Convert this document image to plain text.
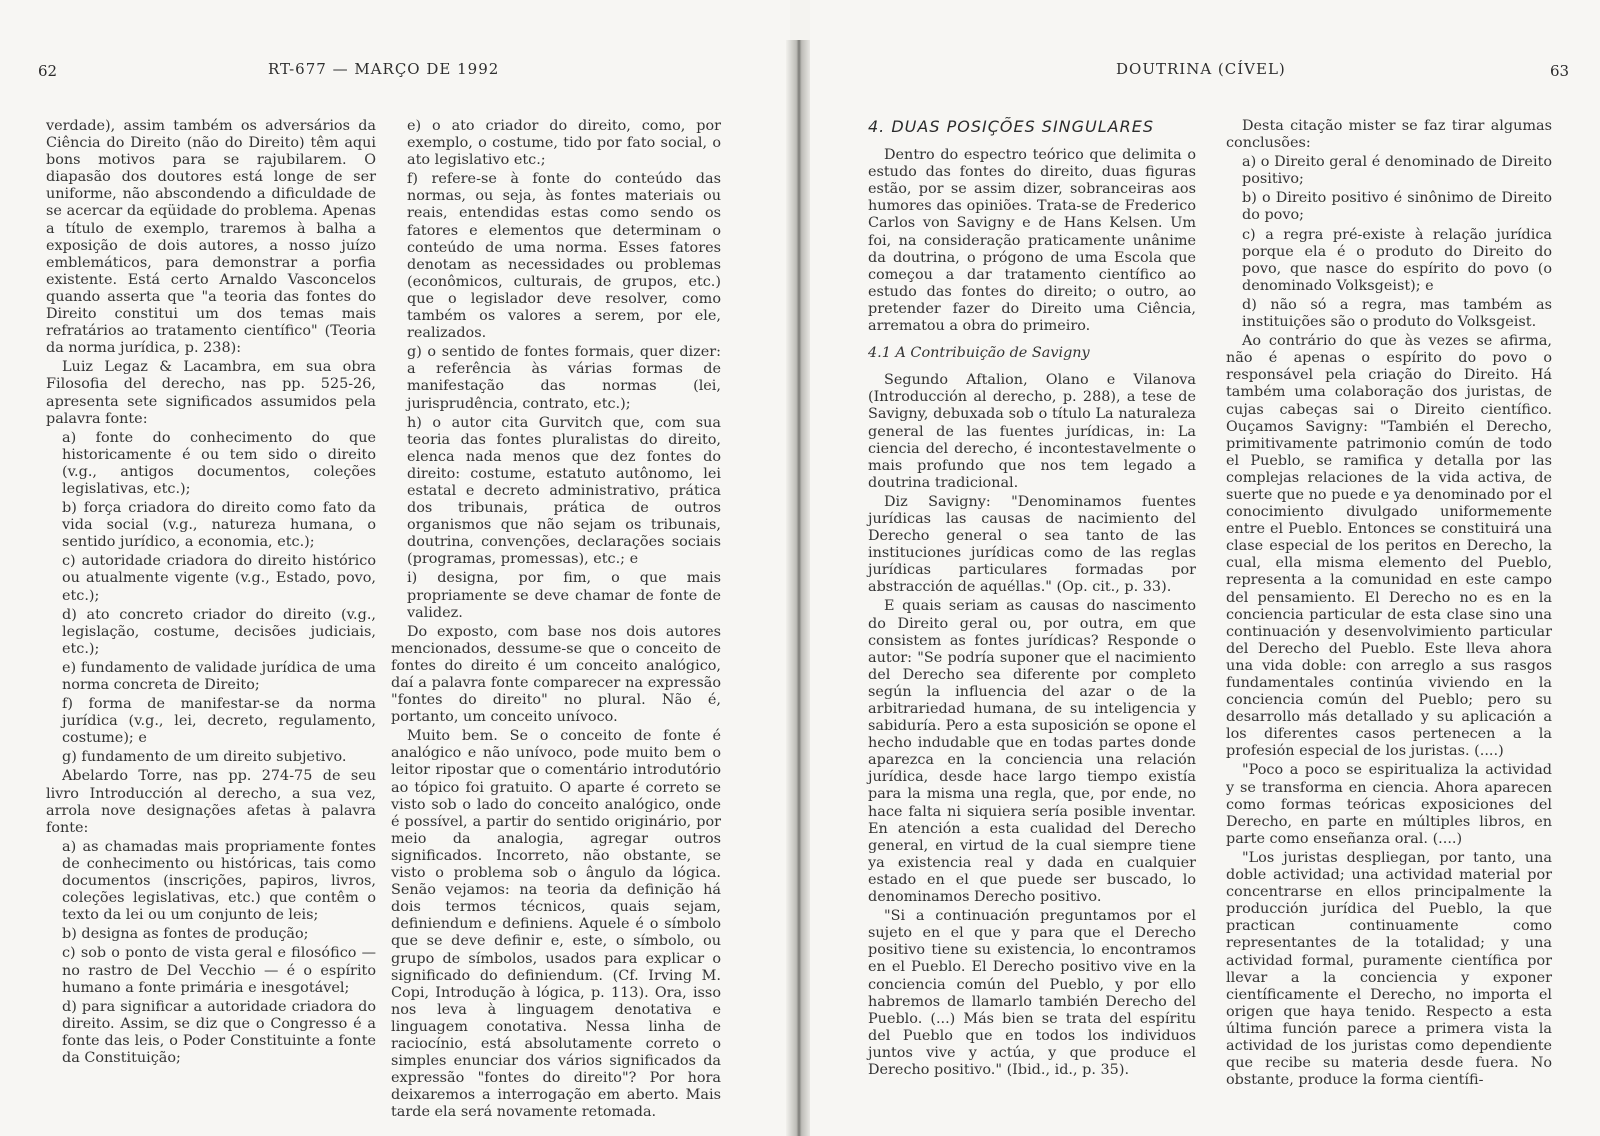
62	RT-677 — MARÇO DE 1992

verdade), assim também os adversários da Ciência do Direito (não do Direito) têm aqui bons motivos para se rajubilarem. O diapasão dos doutores está longe de ser uniforme, não abscondendo a dificuldade de se acercar da eqüidade do problema. Apenas a título de exemplo, traremos à balha a exposição de dois autores, a nosso juízo emblemáticos, para demonstrar a porfia existente. Está certo Arnaldo Vasconcelos quando asserta que "a teoria das fontes do Direito constitui um dos temas mais refratários ao tratamento científico" (Teoria da norma jurídica, p. 238):

Luiz Legaz & Lacambra, em sua obra Filosofia del derecho, nas pp. 525-26, apresenta sete significados assumidos pela palavra fonte:

a) fonte do conhecimento do que historicamente é ou tem sido o direito (v.g., antigos documentos, coleções legislativas, etc.);

b) força criadora do direito como fato da vida social (v.g., natureza humana, o sentido jurídico, a economia, etc.);

c) autoridade criadora do direito histórico ou atualmente vigente (v.g., Estado, povo, etc.);

d) ato concreto criador do direito (v.g., legislação, costume, decisões judiciais, etc.);

e) fundamento de validade jurídica de uma norma concreta de Direito;

f) forma de manifestar-se da norma jurídica (v.g., lei, decreto, regulamento, costume); e

g) fundamento de um direito subjetivo.

Abelardo Torre, nas pp. 274-75 de seu livro Introducción al derecho, a sua vez, arrola nove designações afetas à palavra fonte:

a) as chamadas mais propriamente fontes de conhecimento ou históricas, tais como documentos (inscrições, papiros, livros, coleções legislativas, etc.) que contêm o texto da lei ou um conjunto de leis;

b) designa as fontes de produção;

c) sob o ponto de vista geral e filosófico — no rastro de Del Vecchio — é o espírito humano a fonte primária e inesgotável;

d) para significar a autoridade criadora do direito. Assim, se diz que o Congresso é a fonte das leis, o Poder Constituinte a fonte da Constituição;

e) o ato criador do direito, como, por exemplo, o costume, tido por fato social, o ato legislativo etc.;

f) refere-se à fonte do conteúdo das normas, ou seja, às fontes materiais ou reais, entendidas estas como sendo os fatores e elementos que determinam o conteúdo de uma norma. Esses fatores denotam as necessidades ou problemas (econômicos, culturais, de grupos, etc.) que o legislador deve resolver, como também os valores a serem, por ele, realizados.

g) o sentido de fontes formais, quer dizer: a referência às várias formas de manifestação das normas (lei, jurisprudência, contrato, etc.);

h) o autor cita Gurvitch que, com sua teoria das fontes pluralistas do direito, elenca nada menos que dez fontes do direito: costume, estatuto autônomo, lei estatal e decreto administrativo, prática dos tribunais, prática de outros organismos que não sejam os tribunais, doutrina, convenções, declarações sociais (programas, promessas), etc.; e

i) designa, por fim, o que mais propriamente se deve chamar de fonte de validez.

Do exposto, com base nos dois autores mencionados, dessume-se que o conceito de fontes do direito é um conceito analógico, daí a palavra fonte comparecer na expressão "fontes do direito" no plural. Não é, portanto, um conceito unívoco.

Muito bem. Se o conceito de fonte é analógico e não unívoco, pode muito bem o leitor ripostar que o comentário introdutório ao tópico foi gratuito. O aparte é correto se visto sob o lado do conceito analógico, onde é possível, a partir do sentido originário, por meio da analogia, agregar outros significados. Incorreto, não obstante, se visto o problema sob o ângulo da lógica. Senão vejamos: na teoria da definição há dois termos técnicos, quais sejam, definiendum e definiens. Aquele é o símbolo que se deve definir e, este, o símbolo, ou grupo de símbolos, usados para explicar o significado do definiendum. (Cf. Irving M. Copi, Introdução à lógica, p. 113). Ora, isso nos leva à linguagem denotativa e linguagem conotativa. Nessa linha de raciocínio, está absolutamente correto o simples enunciar dos vários significados da expressão "fontes do direito"? Por hora deixaremos a interrogação em aberto. Mais tarde ela será novamente retomada.

DOUTRINA (CÍVEL)	63
4. DUAS POSIÇÕES SINGULARES

Dentro do espectro teórico que delimita o estudo das fontes do direito, duas figuras estão, por se assim dizer, sobranceiras aos humores das opiniões. Trata-se de Frederico Carlos von Savigny e de Hans Kelsen. Um foi, na consideração praticamente unânime da doutrina, o prógono de uma Escola que começou a dar tratamento científico ao estudo das fontes do direito; o outro, ao pretender fazer do Direito uma Ciência, arrematou a obra do primeiro.

4.1 A Contribuição de Savigny

Segundo Aftalion, Olano e Vilanova (Introducción al derecho, p. 288), a tese de Savigny, debuxada sob o título La naturaleza general de las fuentes jurídicas, in: La ciencia del derecho, é incontestavelmente o mais profundo que nos tem legado a doutrina tradicional.

Diz Savigny: "Denominamos fuentes jurídicas las causas de nacimiento del Derecho general o sea tanto de las instituciones jurídicas como de las reglas jurídicas particulares formadas por abstracción de aquéllas." (Op. cit., p. 33).

E quais seriam as causas do nascimento do Direito geral ou, por outra, em que consistem as fontes jurídicas? Responde o autor: "Se podría suponer que el nacimiento del Derecho sea diferente por completo según la influencia del azar o de la arbitrariedad humana, de su inteligencia y sabiduría. Pero a esta suposición se opone el hecho indudable que en todas partes donde aparezca en la conciencia una relación jurídica, desde hace largo tiempo existía para la misma una regla, que, por ende, no hace falta ni siquiera sería posible inventar. En atención a esta cualidad del Derecho general, en virtud de la cual siempre tiene ya existencia real y dada en cualquier estado en el que puede ser buscado, lo denominamos Derecho positivo.

"Si a continuación preguntamos por el sujeto en el que y para que el Derecho positivo tiene su existencia, lo encontramos en el Pueblo. El Derecho positivo vive en la conciencia común del Pueblo, y por ello habremos de llamarlo también Derecho del Pueblo. (...) Más bien se trata del espíritu del Pueblo que en todos los individuos juntos vive y actúa, y que produce el Derecho positivo." (Ibid., id., p. 35).

Desta citação mister se faz tirar algumas conclusões:

a) o Direito geral é denominado de Direito positivo;

b) o Direito positivo é sinônimo de Direito do povo;

c) a regra pré-existe à relação jurídica porque ela é o produto do Direito do povo, que nasce do espírito do povo (o denominado Volksgeist); e

d) não só a regra, mas também as instituições são o produto do Volksgeist.

Ao contrário do que às vezes se afirma, não é apenas o espírito do povo o responsável pela criação do Direito. Há também uma colaboração dos juristas, de cujas cabeças sai o Direito científico. Ouçamos Savigny: "También el Derecho, primitivamente patrimonio común de todo el Pueblo, se ramifica y detalla por las complejas relaciones de la vida activa, de suerte que no puede e ya denominado por el conocimiento divulgado uniformemente entre el Pueblo. Entonces se constituirá una clase especial de los peritos en Derecho, la cual, ella misma elemento del Pueblo, representa a la comunidad en este campo del pensamiento. El Derecho no es en la conciencia particular de esta clase sino una continuación y desenvolvimiento particular del Derecho del Pueblo. Este lleva ahora una vida doble: con arreglo a sus rasgos fundamentales continúa viviendo en la conciencia común del Pueblo; pero su desarrollo más detallado y su aplicación a los diferentes casos pertenecen a la profesión especial de los juristas. (....)

"Poco a poco se espiritualiza la actividad y se transforma en ciencia. Ahora aparecen como formas teóricas exposiciones del Derecho, en parte en múltiples libros, en parte como enseñanza oral. (....)

"Los juristas despliegan, por tanto, una doble actividad; una actividad material por concentrarse en ellos principalmente la producción jurídica del Pueblo, la que practican continuamente como representantes de la totalidad; y una actividad formal, puramente científica por llevar a la conciencia y exponer científicamente el Derecho, no importa el origen que haya tenido. Respecto a esta última función parece a primera vista la actividad de los juristas como dependiente que recibe su materia desde fuera. No obstante, produce la forma científi-
